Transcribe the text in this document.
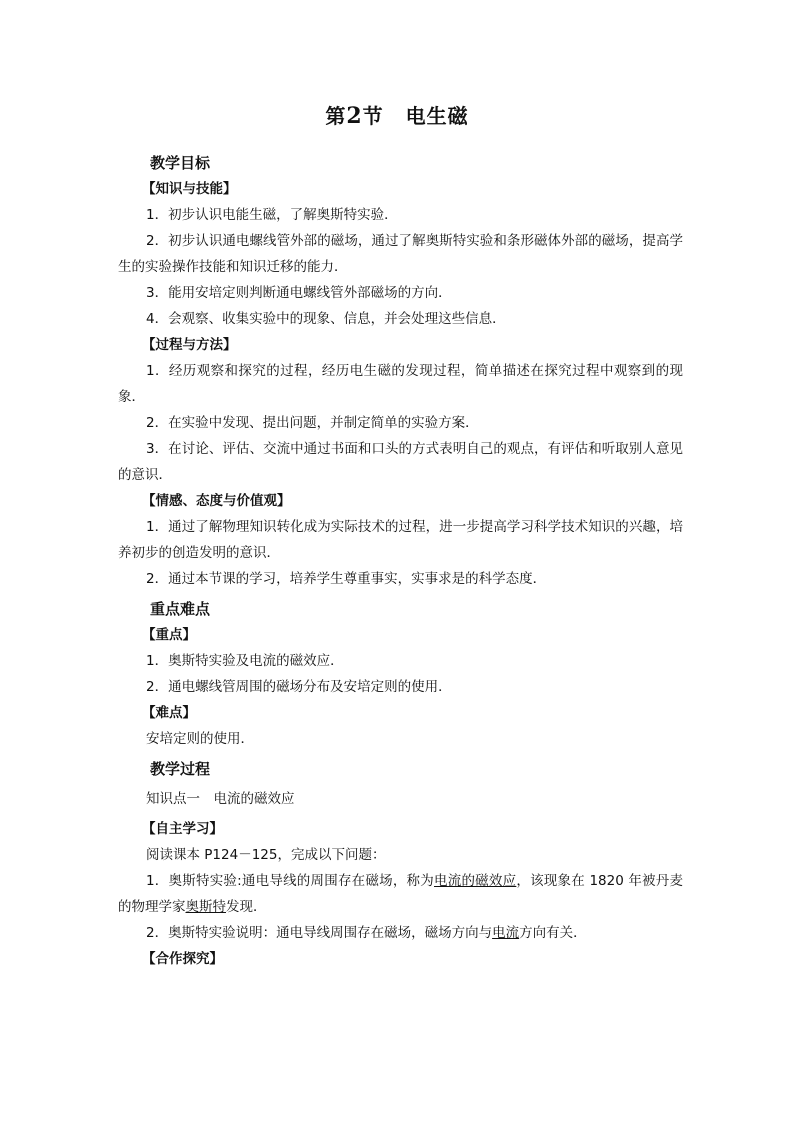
第2节 电生磁
教学目标
【知识与技能】
1．初步认识电能生磁，了解奥斯特实验．
2．初步认识通电螺线管外部的磁场，通过了解奥斯特实验和条形磁体外部的磁场，提高学生的实验操作技能和知识迁移的能力．
3．能用安培定则判断通电螺线管外部磁场的方向．
4．会观察、收集实验中的现象、信息，并会处理这些信息．
【过程与方法】
1．经历观察和探究的过程，经历电生磁的发现过程，简单描述在探究过程中观察到的现象．
2．在实验中发现、提出问题，并制定简单的实验方案．
3．在讨论、评估、交流中通过书面和口头的方式表明自己的观点，有评估和听取别人意见的意识．
【情感、态度与价值观】
1．通过了解物理知识转化成为实际技术的过程，进一步提高学习科学技术知识的兴趣，培养初步的创造发明的意识．
2．通过本节课的学习，培养学生尊重事实，实事求是的科学态度．
重点难点
【重点】
1．奥斯特实验及电流的磁效应．
2．通电螺线管周围的磁场分布及安培定则的使用．
【难点】
安培定则的使用．
教学过程
知识点一　电流的磁效应
【自主学习】
阅读课本 P124－125，完成以下问题：
1．奥斯特实验:通电导线的周围存在磁场，称为电流的磁效应，该现象在 1820 年被丹麦的物理学家奥斯特发现．
2．奥斯特实验说明：通电导线周围存在磁场，磁场方向与电流方向有关．
【合作探究】
